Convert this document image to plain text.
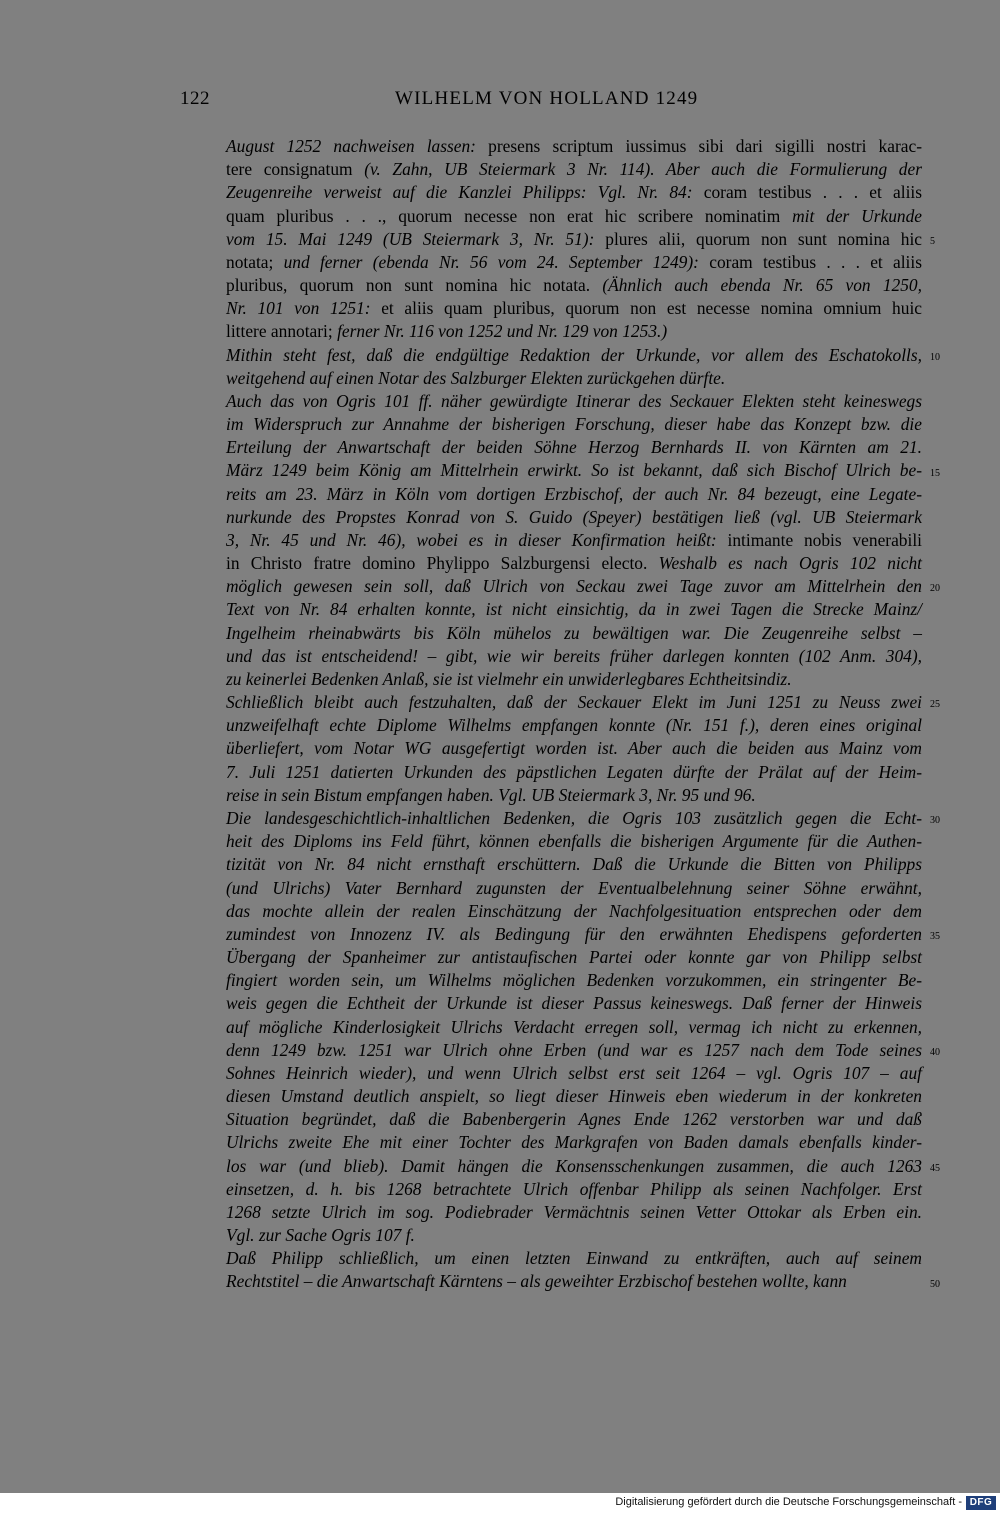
122	WILHELM VON HOLLAND 1249
August 1252 nachweisen lassen: presens scriptum iussimus sibi dari sigilli nostri karac-
tere consignatum (v. Zahn, UB Steiermark 3 Nr. 114). Aber auch die Formulierung der
Zeugenreihe verweist auf die Kanzlei Philipps: Vgl. Nr. 84: coram testibus . . . et aliis
quam pluribus . . ., quorum necesse non erat hic scribere nominatim mit der Urkunde
vom 15. Mai 1249 (UB Steiermark 3, Nr. 51): plures alii, quorum non sunt nomina hic
notata; und ferner (ebenda Nr. 56 vom 24. September 1249): coram testibus . . . et aliis
pluribus, quorum non sunt nomina hic notata. (Ähnlich auch ebenda Nr. 65 von 1250,
Nr. 101 von 1251: et aliis quam pluribus, quorum non est necesse nomina omnium huic
littere annotari; ferner Nr. 116 von 1252 und Nr. 129 von 1253.)
Mithin steht fest, daß die endgültige Redaktion der Urkunde, vor allem des Eschatokolls,
weitgehend auf einen Notar des Salzburger Elekten zurückgehen dürfte.
Auch das von Ogris 101 ff. näher gewürdigte Itinerar des Seckauer Elekten steht keineswegs
im Widerspruch zur Annahme der bisherigen Forschung, dieser habe das Konzept bzw. die
Erteilung der Anwartschaft der beiden Söhne Herzog Bernhards II. von Kärnten am 21.
März 1249 beim König am Mittelrhein erwirkt. So ist bekannt, daß sich Bischof Ulrich be-
reits am 23. März in Köln vom dortigen Erzbischof, der auch Nr. 84 bezeugt, eine Legate-
nurkunde des Propstes Konrad von S. Guido (Speyer) bestätigen ließ (vgl. UB Steiermark
3, Nr. 45 und Nr. 46), wobei es in dieser Konfirmation heißt: intimante nobis venerabili
in Christo fratre domino Phylippo Salzburgensi electo. Weshalb es nach Ogris 102 nicht
möglich gewesen sein soll, daß Ulrich von Seckau zwei Tage zuvor am Mittelrhein den
Text von Nr. 84 erhalten konnte, ist nicht einsichtig, da in zwei Tagen die Strecke Mainz/
Ingelheim rheinabwärts bis Köln mühelos zu bewältigen war. Die Zeugenreihe selbst –
und das ist entscheidend! – gibt, wie wir bereits früher darlegen konnten (102 Anm. 304),
zu keinerlei Bedenken Anlaß, sie ist vielmehr ein unwiderlegbares Echtheitsindiz.
Schließlich bleibt auch festzuhalten, daß der Seckauer Elekt im Juni 1251 zu Neuss zwei
unzweifelhaft echte Diplome Wilhelms empfangen konnte (Nr. 151 f.), deren eines original
überliefert, vom Notar WG ausgefertigt worden ist. Aber auch die beiden aus Mainz vom
7. Juli 1251 datierten Urkunden des päpstlichen Legaten dürfte der Prälat auf der Heim-
reise in sein Bistum empfangen haben. Vgl. UB Steiermark 3, Nr. 95 und 96.
Die landesgeschichtlich-inhaltlichen Bedenken, die Ogris 103 zusätzlich gegen die Echt-
heit des Diploms ins Feld führt, können ebenfalls die bisherigen Argumente für die Authen-
tizität von Nr. 84 nicht ernsthaft erschüttern. Daß die Urkunde die Bitten von Philipps
(und Ulrichs) Vater Bernhard zugunsten der Eventualbelehnung seiner Söhne erwähnt,
das mochte allein der realen Einschätzung der Nachfolgesituation entsprechen oder dem
zumindest von Innozenz IV. als Bedingung für den erwähnten Ehedispens geforderten
Übergang der Spanheimer zur antistaufischen Partei oder konnte gar von Philipp selbst
fingiert worden sein, um Wilhelms möglichen Bedenken vorzukommen, ein stringenter Be-
weis gegen die Echtheit der Urkunde ist dieser Passus keineswegs. Daß ferner der Hinweis
auf mögliche Kinderlosigkeit Ulrichs Verdacht erregen soll, vermag ich nicht zu erkennen,
denn 1249 bzw. 1251 war Ulrich ohne Erben (und war es 1257 nach dem Tode seines
Sohnes Heinrich wieder), und wenn Ulrich selbst erst seit 1264 – vgl. Ogris 107 – auf
diesen Umstand deutlich anspielt, so liegt dieser Hinweis eben wiederum in der konkreten
Situation begründet, daß die Babenbergerin Agnes Ende 1262 verstorben war und daß
Ulrichs zweite Ehe mit einer Tochter des Markgrafen von Baden damals ebenfalls kinder-
los war (und blieb). Damit hängen die Konsensschenkungen zusammen, die auch 1263
einsetzen, d. h. bis 1268 betrachtete Ulrich offenbar Philipp als seinen Nachfolger. Erst
1268 setzte Ulrich im sog. Podiebrader Vermächtnis seinen Vetter Ottokar als Erben ein.
Vgl. zur Sache Ogris 107 f.
Daß Philipp schließlich, um einen letzten Einwand zu entkräften, auch auf seinem
Rechtstitel – die Anwartschaft Kärntens – als geweihter Erzbischof bestehen wollte, kann
5
10
15
20
25
30
35
40
45
50
Digitalisierung gefördert durch die Deutsche Forschungsgemeinschaft - DFG
